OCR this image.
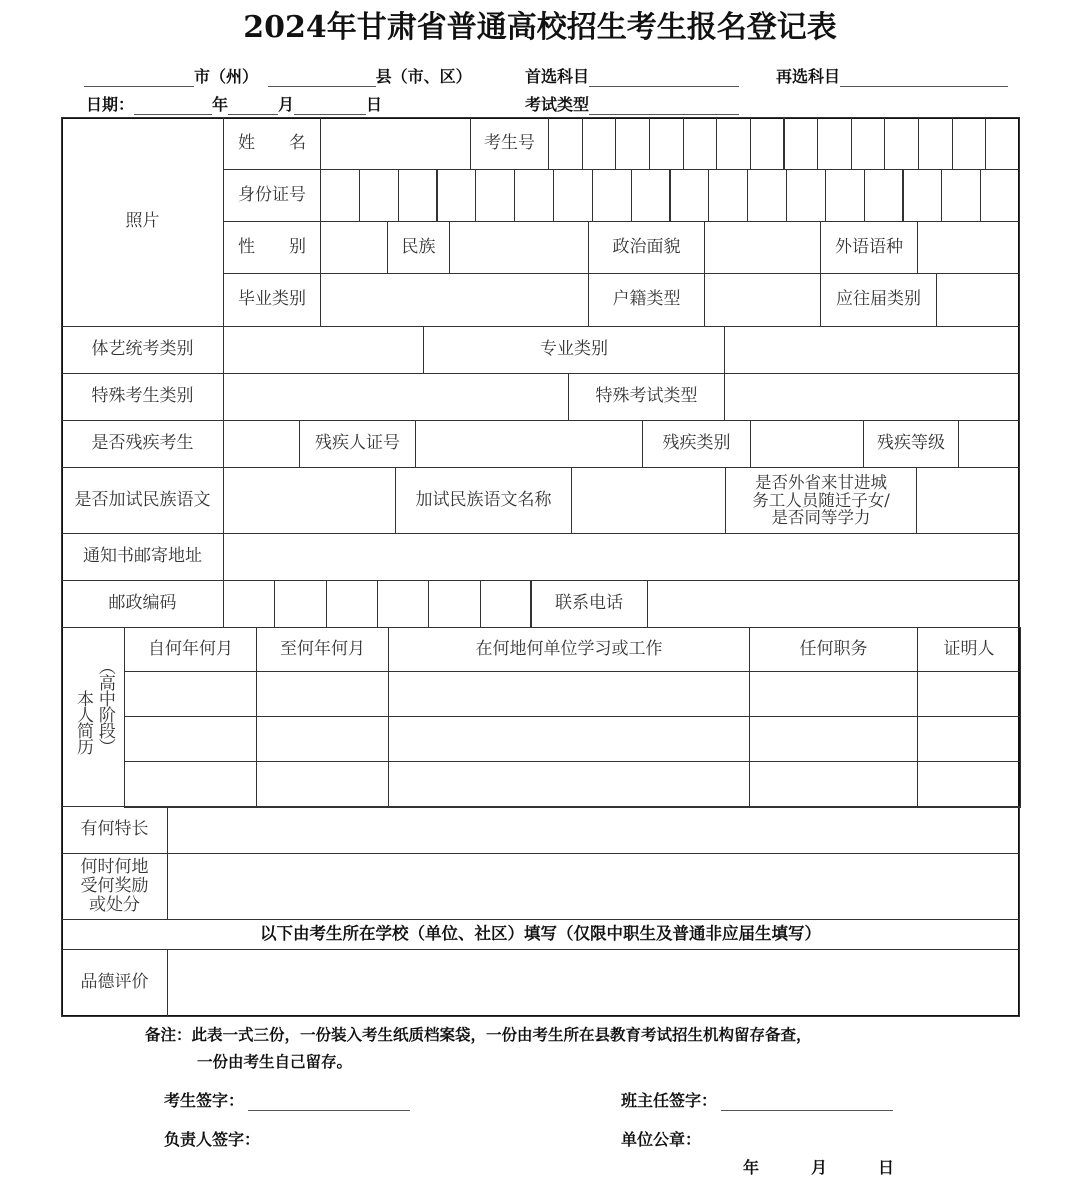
2024年甘肃省普通高校招生考生报名登记表
市（州）	县（市、区）	首选科目	再选科目
日期：	年	月	日	考试类型
照片
姓 名	考生号
身份证号
性 别	民族	政治面貌	外语语种
毕业类别	户籍类型	应往届类别
体艺统考类别	专业类别
特殊考生类别	特殊考试类型
是否残疾考生	残疾人证号	残疾类别	残疾等级
是否加试民族语文	加试民族语文名称
是否外省来甘进城
务工人员随迁子女/
是否同等学力
通知书邮寄地址
邮政编码	联系电话
本人简历 （高中阶段）
自何年何月	至何年何月	在何地何单位学习或工作	任何职务	证明人
有何特长
何时何地
受何奖励
或处分
以下由考生所在学校（单位、社区）填写（仅限中职生及普通非应届生填写）
品德评价
备注：此表一式三份，一份装入考生纸质档案袋，一份由考生所在县教育考试招生机构留存备查，
一份由考生自己留存。
考生签字：	班主任签字：
负责人签字：	单位公章：
年	月	日
